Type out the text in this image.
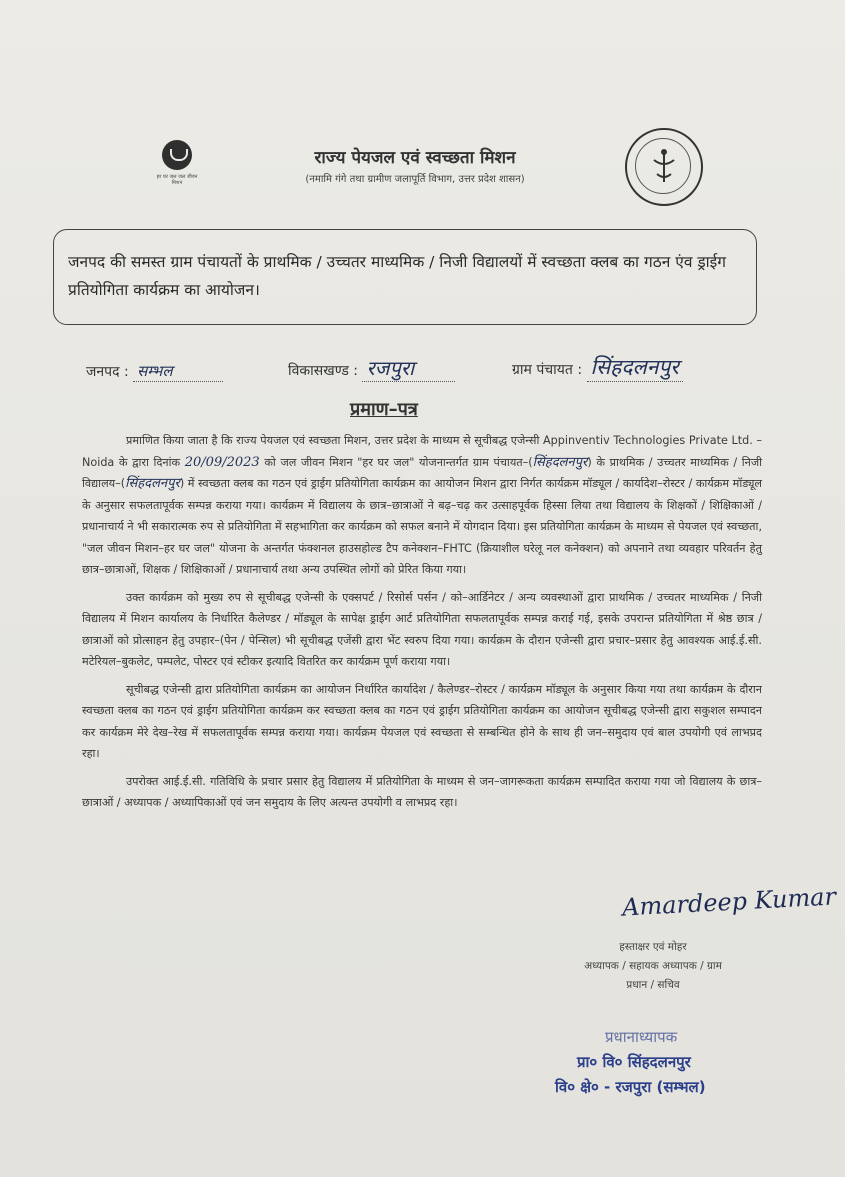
हर घर जल जल जीवन मिशन
राज्य पेयजल एवं स्वच्छता मिशन
(नमामि गंगे तथा ग्रामीण जलापूर्ति विभाग, उत्तर प्रदेश शासन)
जनपद की समस्त ग्राम पंचायतों के प्राथमिक / उच्चतर माध्यमिक / निजी विद्यालयों में स्वच्छता क्लब का गठन एंव ड्राईग प्रतियोगिता कार्यक्रम का आयोजन।
जनपद : सम्भल	विकासखण्ड : रजपुरा	ग्राम पंचायत : सिंहदलनपुर
प्रमाण–पत्र

प्रमाणित किया जाता है कि राज्य पेयजल एवं स्वच्छता मिशन, उत्तर प्रदेश के माध्यम से सूचीबद्ध एजेन्सी Appinventiv Technologies Private Ltd. – Noida के द्वारा दिनांक 20/09/2023 को जल जीवन मिशन "हर घर जल" योजनान्तर्गत ग्राम पंचायत–(सिंहदलनपुर) के प्राथमिक / उच्चतर माध्यमिक / निजी विद्यालय–(सिंहदलनपुर) में स्वच्छता क्लब का गठन एवं ड्राईग प्रतियोगिता कार्यक्रम का आयोजन मिशन द्वारा निर्गत कार्यक्रम मॉड्यूल / कार्यादेश–रोस्टर / कार्यक्रम मॉड्यूल के अनुसार सफलतापूर्वक सम्पन्न कराया गया। कार्यक्रम में विद्यालय के छात्र–छात्राओं ने बढ़–चढ़ कर उत्साहपूर्वक हिस्सा लिया तथा विद्यालय के शिक्षकों / शिक्षिकाओं / प्रधानाचार्य ने भी सकारात्मक रुप से प्रतियोगिता में सहभागिता कर कार्यक्रम को सफल बनाने में योगदान दिया। इस प्रतियोगिता कार्यक्रम के माध्यम से पेयजल एवं स्वच्छता, "जल जीवन मिशन–हर घर जल" योजना के अन्तर्गत फंक्शनल हाउसहोल्ड टैप कनेक्शन–FHTC (क्रियाशील घरेलू नल कनेक्शन) को अपनाने तथा व्यवहार परिवर्तन हेतु छात्र–छात्राओं, शिक्षक / शिक्षिकाओं / प्रधानाचार्य तथा अन्य उपस्थित लोगों को प्रेरित किया गया।

उक्त कार्यक्रम को मुख्य रुप से सूचीबद्ध एजेन्सी के एक्सपर्ट / रिसोर्स पर्सन / को–आर्डिनेटर / अन्य व्यवस्थाओं द्वारा प्राथमिक / उच्चतर माध्यमिक / निजी विद्यालय में मिशन कार्यालय के निर्धारित कैलेण्डर / मॉड्यूल के सापेक्ष ड्राईग आर्ट प्रतियोगिता सफलतापूर्वक सम्पन्न कराई गई, इसके उपरान्त प्रतियोगिता में श्रेष्ठ छात्र / छात्राओं को प्रोत्साहन हेतु उपहार–(पेन / पेन्सिल) भी सूचीबद्ध एजेंसी द्वारा भेंट स्वरुप दिया गया। कार्यक्रम के दौरान एजेन्सी द्वारा प्रचार–प्रसार हेतु आवश्यक आई.ई.सी. मटेरियल–बुकलेट, पम्पलेट, पोस्टर एवं स्टीकर इत्यादि वितरित कर कार्यक्रम पूर्ण कराया गया।

सूचीबद्ध एजेन्सी द्वारा प्रतियोगिता कार्यक्रम का आयोजन निर्धारित कार्यादेश / कैलेण्डर–रोस्टर / कार्यक्रम मॉड्यूल के अनुसार किया गया तथा कार्यक्रम के दौरान स्वच्छता क्लब का गठन एवं ड्राईग प्रतियोगिता कार्यक्रम कर स्वच्छता क्लब का गठन एवं ड्राईग प्रतियोगिता कार्यक्रम का आयोजन सूचीबद्ध एजेन्सी द्वारा सकुशल सम्पादन कर कार्यक्रम मेरे देख–रेख में सफलतापूर्वक सम्पन्न कराया गया। कार्यक्रम पेयजल एवं स्वच्छता से सम्बन्धित होने के साथ ही जन–समुदाय एवं बाल उपयोगी एवं लाभप्रद रहा।

उपरोक्त आई.ई.सी. गतिविधि के प्रचार प्रसार हेतु विद्यालय में प्रतियोगिता के माध्यम से जन–जागरूकता कार्यक्रम सम्पादित कराया गया जो विद्यालय के छात्र–छात्राओं / अध्यापक / अध्यापिकाओं एवं जन समुदाय के लिए अत्यन्त उपयोगी व लाभप्रद रहा।

Amardeep Kumar
हस्ताक्षर एवं मोहर
अध्यापक / सहायक अध्यापक / ग्राम
प्रधान / सचिव
प्रधानाध्यापक
प्रा० वि० सिंहदलनपुर
वि० क्षे० - रजपुरा (सम्भल)
